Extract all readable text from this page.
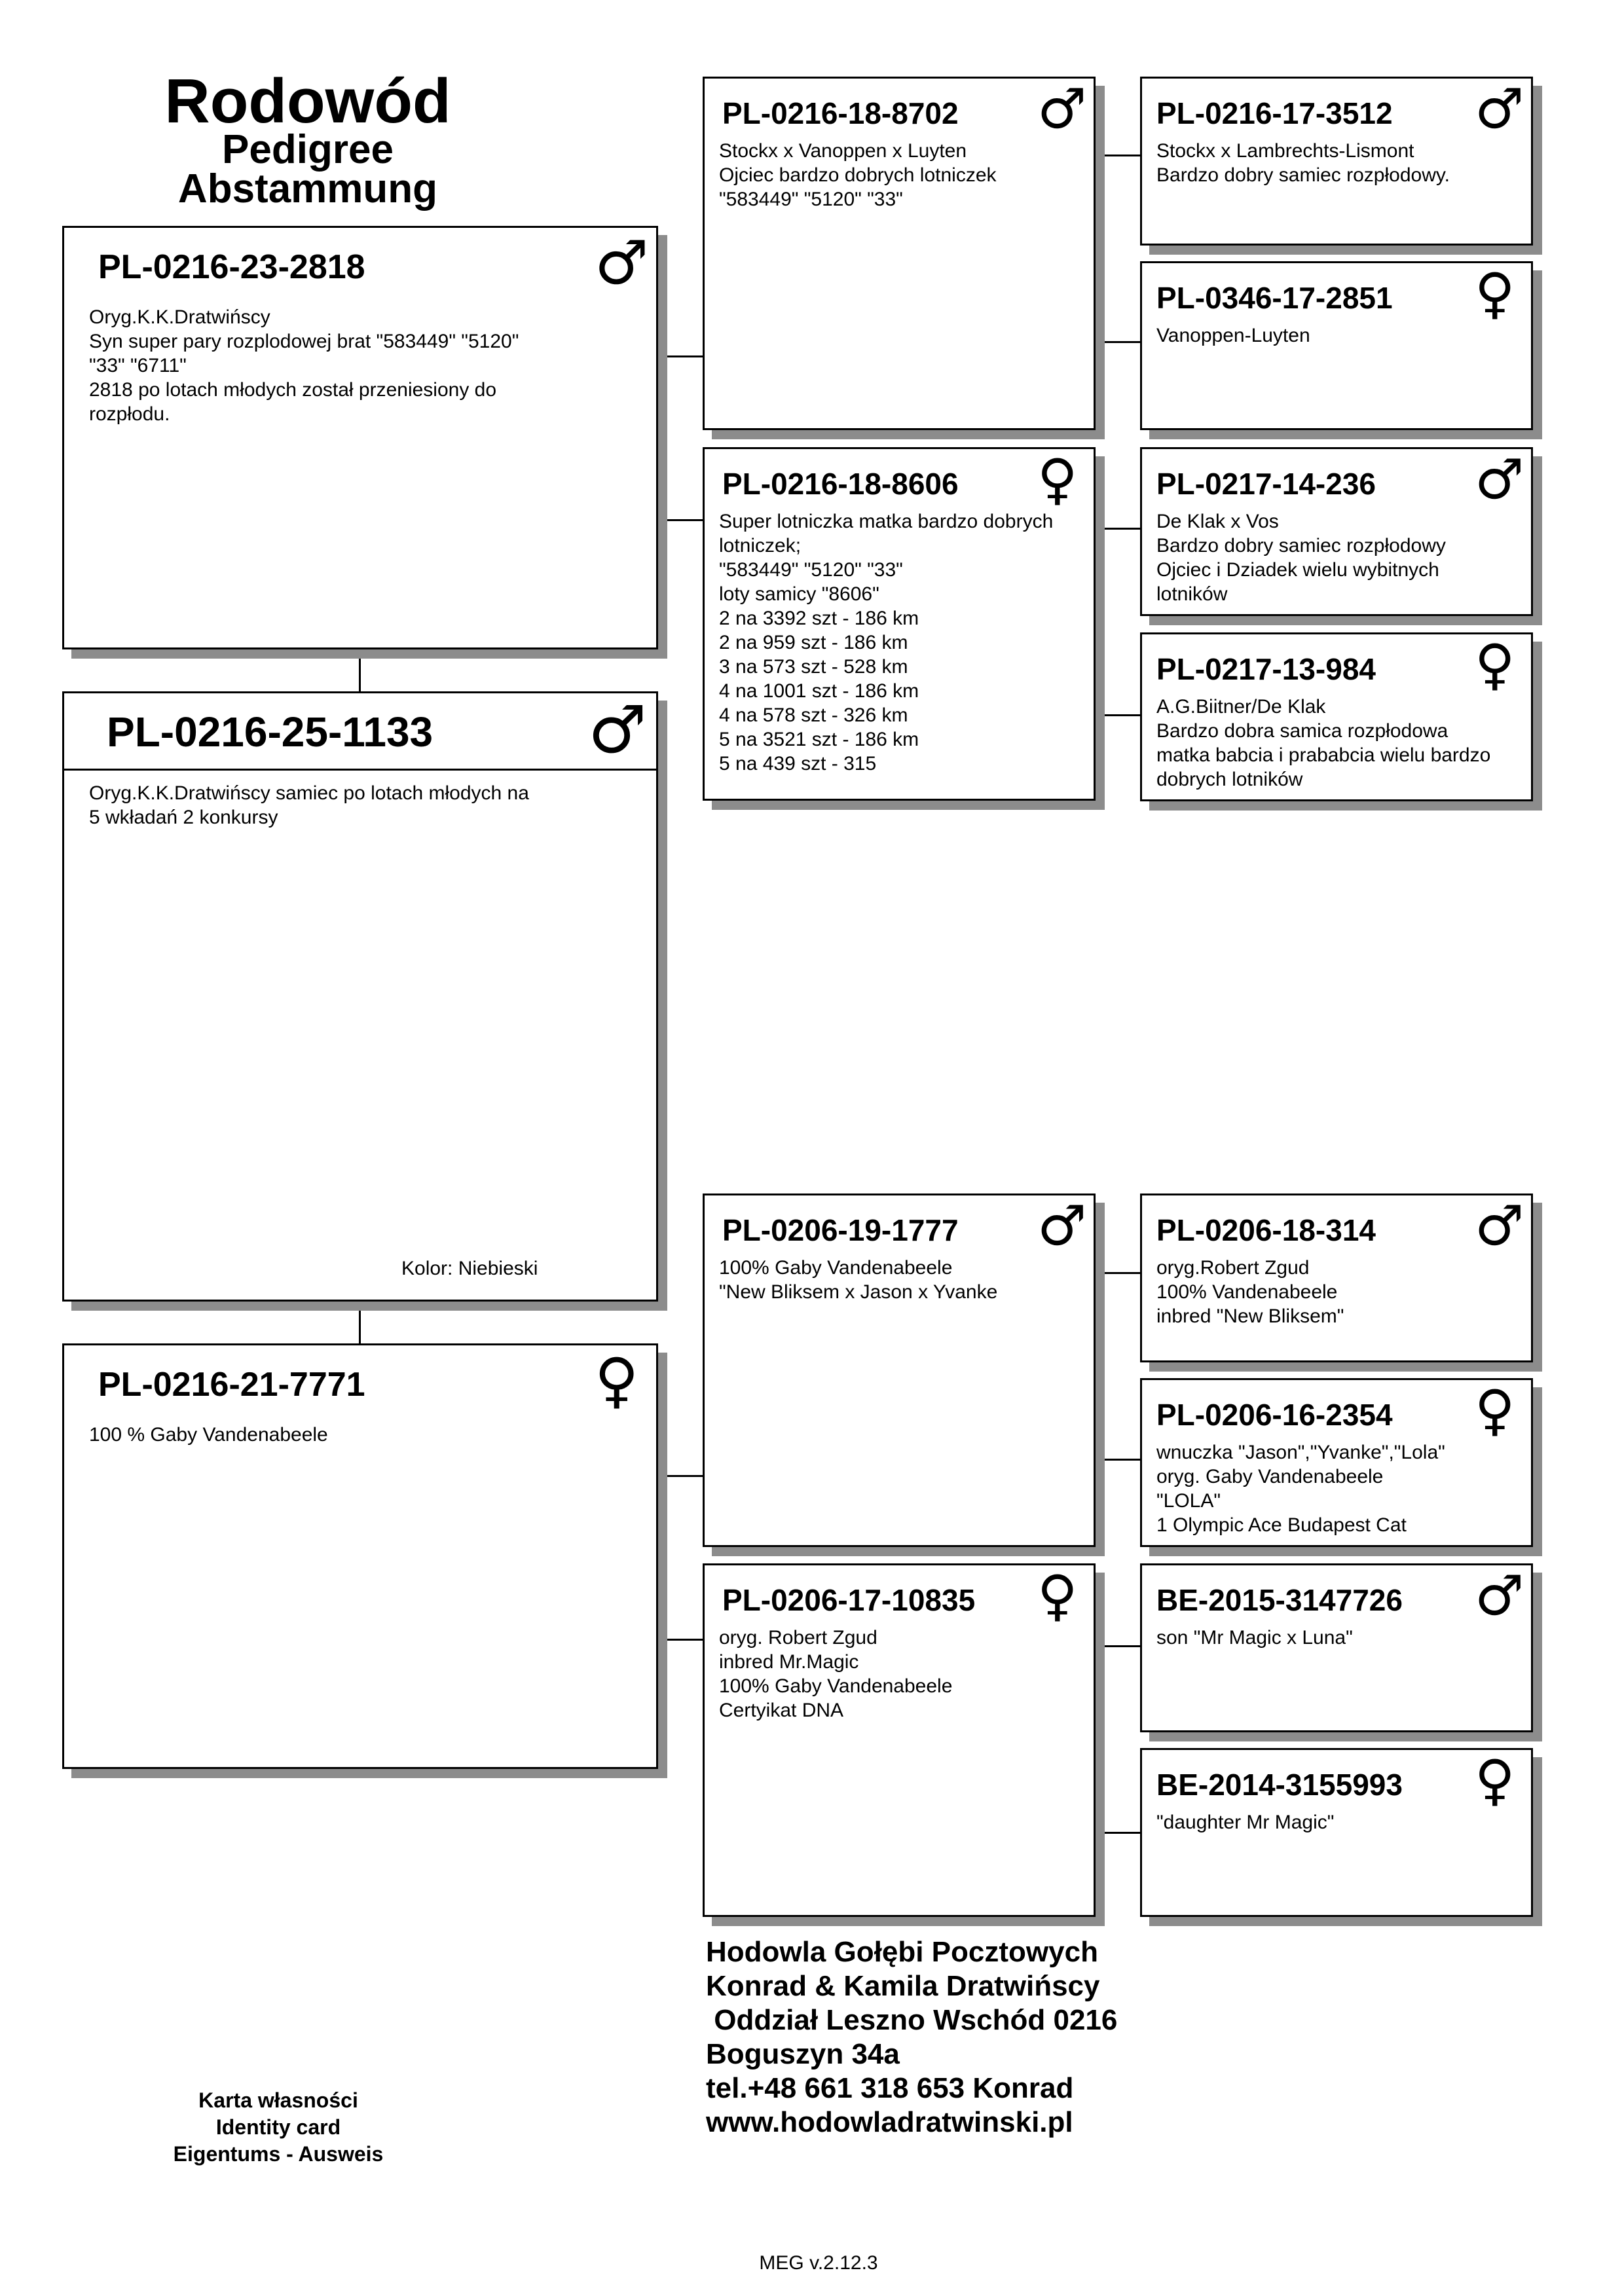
Rodowód
Pedigree
Abstammung
PL-0216-23-2818	♂
Oryg.K.K.Dratwińscy
Syn super pary rozplodowej brat "583449" "5120"
"33" "6711"
2818 po lotach młodych został przeniesiony do
rozpłodu.
PL-0216-25-1133 ♂
Oryg.K.K.Dratwińscy samiec po lotach młodych na
5 wkładań 2 konkursy
Kolor: Niebieski
PL-0216-21-7771	♀
100 % Gaby Vandenabeele
PL-0216-18-8702 ♂
Stockx x Vanoppen x Luyten
Ojciec bardzo dobrych lotniczek
"583449" "5120" "33"
PL-0216-18-8606 ♀
Super lotniczka matka bardzo dobrych
lotniczek;
"583449" "5120" "33"
loty samicy "8606"
2 na 3392 szt - 186 km
2 na 959 szt - 186 km
3 na 573 szt - 528 km
4 na 1001 szt - 186 km
4 na 578 szt - 326 km
5 na 3521 szt - 186 km
5 na 439 szt - 315
PL-0206-19-1777 ♂
100% Gaby Vandenabeele
"New Bliksem x Jason x Yvanke
PL-0206-17-10835 ♀
oryg. Robert Zgud
inbred Mr.Magic
100% Gaby Vandenabeele
Certyikat DNA
PL-0216-17-3512 ♂
Stockx x Lambrechts-Lismont
Bardzo dobry samiec rozpłodowy.
PL-0346-17-2851 ♀
Vanoppen-Luyten
PL-0217-14-236 ♂
De Klak x Vos
Bardzo dobry samiec rozpłodowy
Ojciec i Dziadek wielu wybitnych
lotników
PL-0217-13-984 ♀
A.G.Biitner/De Klak
Bardzo dobra samica rozpłodowa
matka babcia i prababcia wielu bardzo
dobrych lotników
PL-0206-18-314 ♂
oryg.Robert Zgud
100% Vandenabeele
inbred "New Bliksem"
PL-0206-16-2354 ♀
wnuczka "Jason","Yvanke","Lola"
oryg. Gaby Vandenabeele
"LOLA"
1 Olympic Ace Budapest Cat
BE-2015-3147726 ♂
son "Mr Magic x Luna"
BE-2014-3155993 ♀
"daughter Mr Magic"
Hodowla Gołębi Pocztowych
Konrad & Kamila Dratwińscy
Oddział Leszno Wschód 0216
Boguszyn 34a
tel.+48 661 318 653 Konrad
www.hodowladratwinski.pl
Karta własności
Identity card
Eigentums - Ausweis
MEG v.2.12.3
